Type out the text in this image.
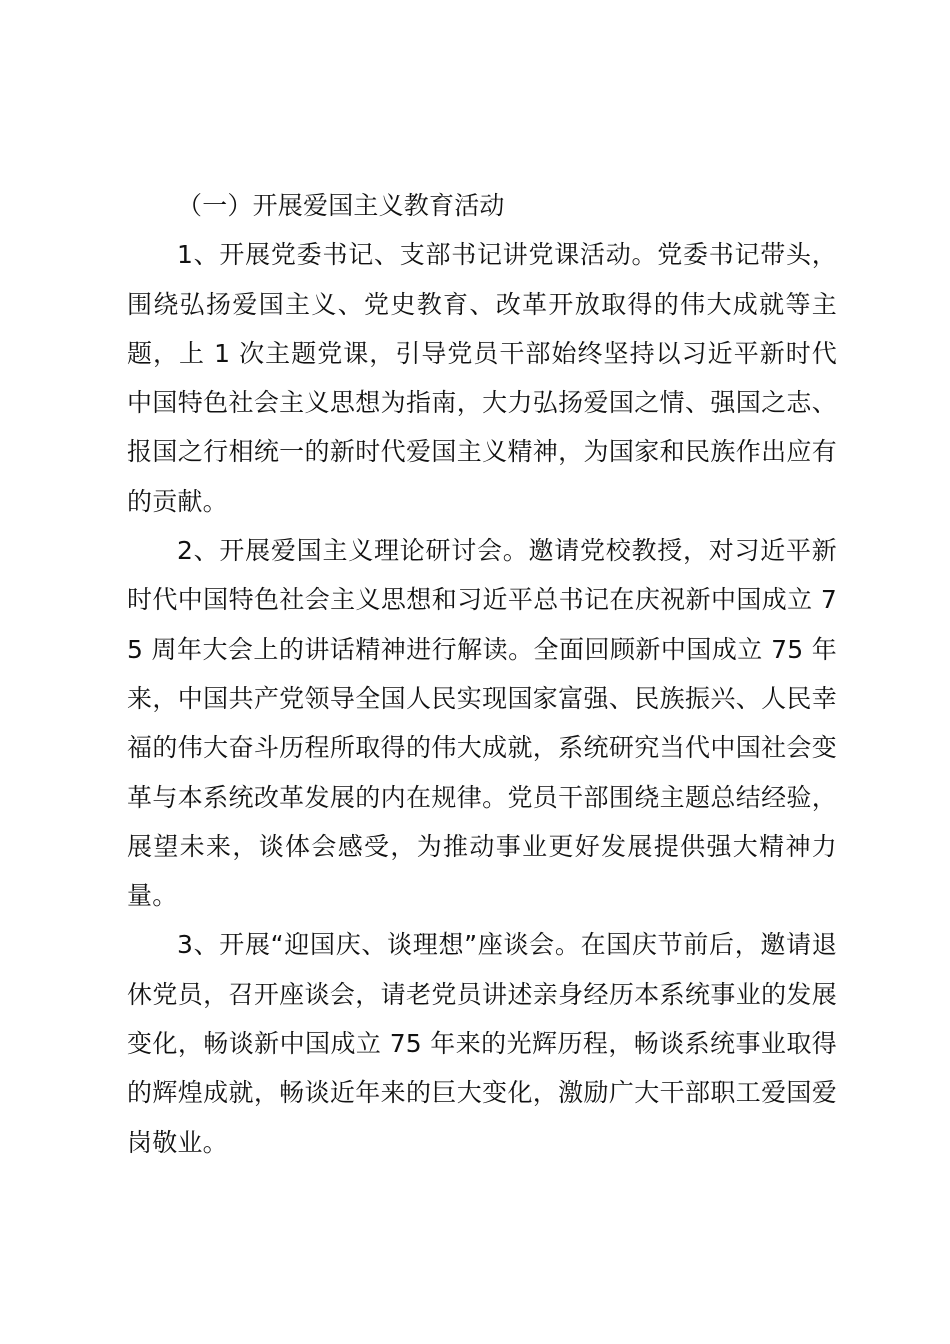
（一）开展爱国主义教育活动

1、开展党委书记、支部书记讲党课活动。党委书记带头，围绕弘扬爱国主义、党史教育、改革开放取得的伟大成就等主题，上 1 次主题党课，引导党员干部始终坚持以习近平新时代中国特色社会主义思想为指南，大力弘扬爱国之情、强国之志、报国之行相统一的新时代爱国主义精神，为国家和民族作出应有的贡献。

2、开展爱国主义理论研讨会。邀请党校教授，对习近平新时代中国特色社会主义思想和习近平总书记在庆祝新中国成立 75 周年大会上的讲话精神进行解读。全面回顾新中国成立 75 年来，中国共产党领导全国人民实现国家富强、民族振兴、人民幸福的伟大奋斗历程所取得的伟大成就，系统研究当代中国社会变革与本系统改革发展的内在规律。党员干部围绕主题总结经验，展望未来，谈体会感受，为推动事业更好发展提供强大精神力量。

3、开展“迎国庆、谈理想”座谈会。在国庆节前后，邀请退休党员，召开座谈会，请老党员讲述亲身经历本系统事业的发展变化，畅谈新中国成立 75 年来的光辉历程，畅谈系统事业取得的辉煌成就，畅谈近年来的巨大变化，激励广大干部职工爱国爱岗敬业。
